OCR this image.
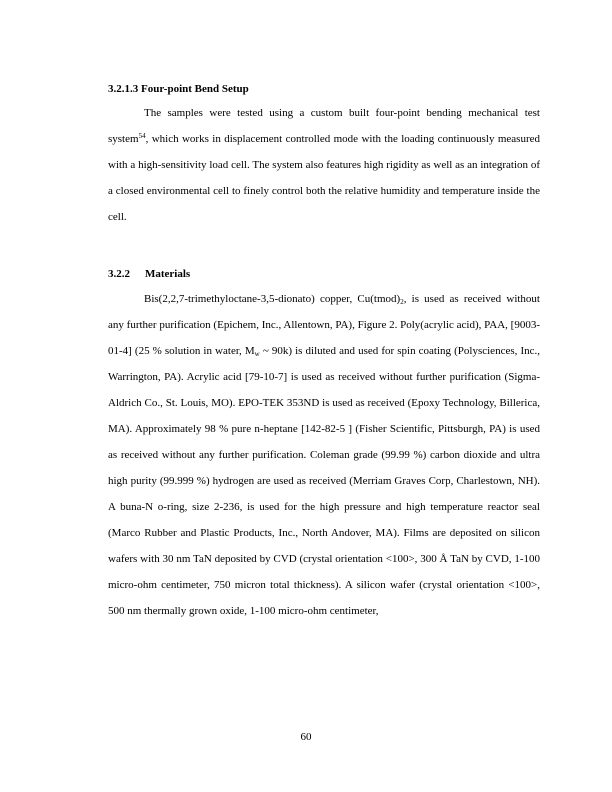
3.2.1.3 Four-point Bend Setup

The samples were tested using a custom built four-point bending mechanical test system$^{54}$, which works in displacement controlled mode with the loading continuously measured with a high-sensitivity load cell. The system also features high rigidity as well as an integration of a closed environmental cell to finely control both the relative humidity and temperature inside the cell.

3.2.2 Materials

Bis(2,2,7-trimethyloctane-3,5-dionato) copper, $Cu(tmod)_2$, is used as received without any further purification (Epichem, Inc., Allentown, PA), Figure 2. Poly(acrylic acid), PAA, [9003-01-4] (25 % solution in water, $M_w$ ~ 90k) is diluted and used for spin coating (Polysciences, Inc., Warrington, PA). Acrylic acid [79-10-7] is used as received without further purification (Sigma-Aldrich Co., St. Louis, MO). EPO-TEK 353ND is used as received (Epoxy Technology, Billerica, MA). Approximately 98 % pure n-heptane [142-82-5 ] (Fisher Scientific, Pittsburgh, PA) is used as received without any further purification. Coleman grade (99.99 %) carbon dioxide and ultra high purity (99.999 %) hydrogen are used as received (Merriam Graves Corp, Charlestown, NH). A buna-N o-ring, size 2-236, is used for the high pressure and high temperature reactor seal (Marco Rubber and Plastic Products, Inc., North Andover, MA). Films are deposited on silicon wafers with 30 nm TaN deposited by CVD (crystal orientation <100>, 300 Å TaN by CVD, 1-100 micro-ohm centimeter, 750 micron total thickness). A silicon wafer (crystal orientation <100>, 500 nm thermally grown oxide, 1-100 micro-ohm centimeter,

60
